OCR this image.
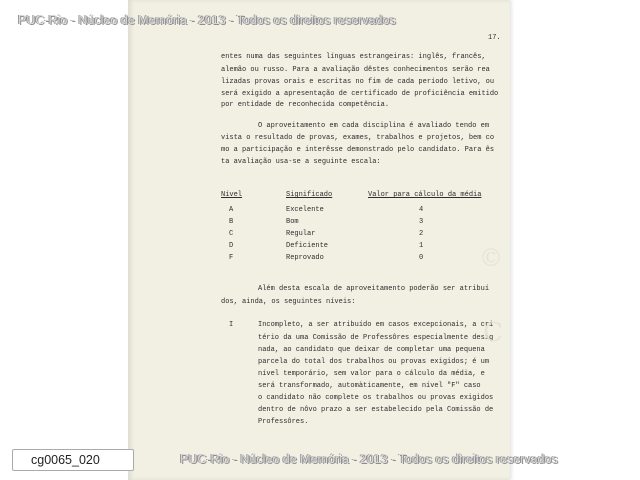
PUC-Rio - Núcleo de Memória - 2013 - Todos os direitos reservados
17.
entes numa das seguintes línguas estrangeiras: inglês, francês,
alemão ou russo. Para a avaliação dêstes conhecimentos serão rea
lizadas provas orais e escritas no fim de cada período letivo, ou
será exigido a apresentação de certificado de proficiência emitido
por entidade de reconhecida competência.
O aproveitamento em cada disciplina é avaliado tendo em
vista o resultado de provas, exames, trabalhos e projetos, bem co
mo a participação e interêsse demonstrado pelo candidato. Para ês
ta avaliação usa-se a seguinte escala:
Nível	Significado	Valor para cálculo da média
A	Excelente	4
B	Bom	3
C	Regular	2
D	Deficiente	1
F	Reprovado	0
Além desta escala de aproveitamento poderão ser atribuí
dos, ainda, os seguintes níveis:
I	Incompleto, a ser atribuído em casos excepcionais, a cri
tério da uma Comissão de Professôres especialmente desig
nada, ao candidato que deixar de completar uma pequena
parcela do total dos trabalhos ou provas exigidos; é um
nível temporário, sem valor para o cálculo da média, e
será transformado, automàticamente, em nível "F" caso
o candidato não complete os trabalhos ou provas exigidos
dentro de nôvo prazo a ser estabelecido pela Comissão de
Professôres.
©
C
cg0065_020	PUC-Rio - Núcleo de Memória - 2013 - Todos os direitos reservados
